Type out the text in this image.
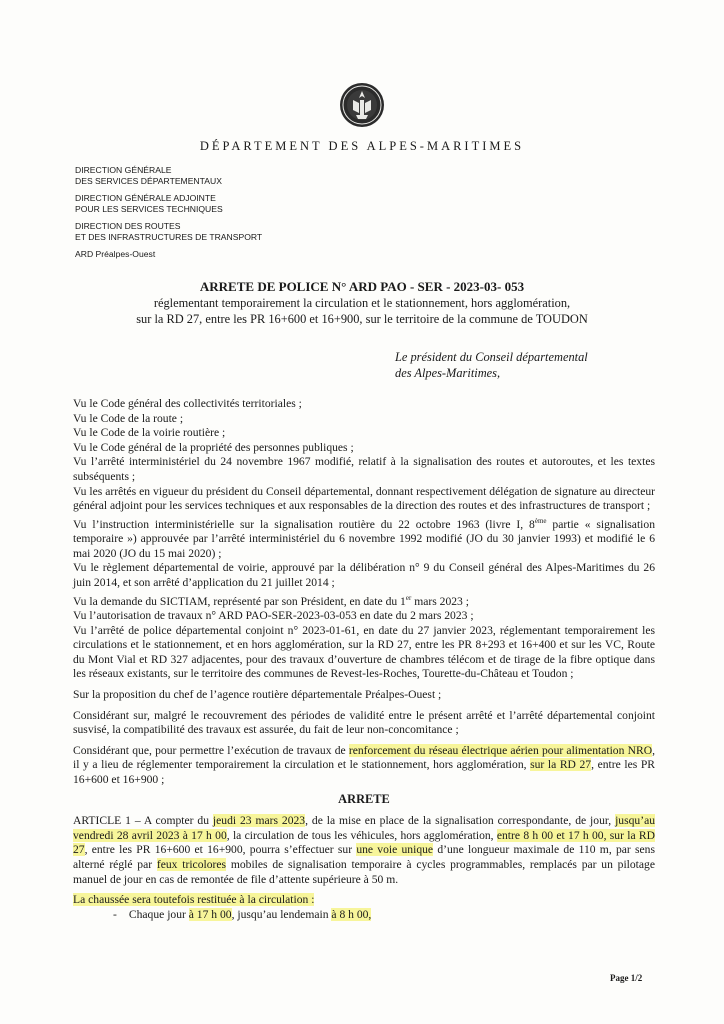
DÉPARTEMENT DES ALPES-MARITIMES
DIRECTION GÉNÉRALE
DES SERVICES DÉPARTEMENTAUX
DIRECTION GÉNÉRALE ADJOINTE
POUR LES SERVICES TECHNIQUES
DIRECTION DES ROUTES
ET DES INFRASTRUCTURES DE TRANSPORT
ARD Préalpes-Ouest
ARRETE DE POLICE N° ARD PAO - SER - 2023-03- 053
réglementant temporairement la circulation et le stationnement, hors agglomération,
sur la RD 27, entre les PR 16+600 et 16+900, sur le territoire de la commune de TOUDON
Le président du Conseil départemental
des Alpes-Maritimes,

Vu le Code général des collectivités territoriales ;

Vu le Code de la route ;

Vu le Code de la voirie routière ;

Vu le Code général de la propriété des personnes publiques ;

Vu l’arrêté interministériel du 24 novembre 1967 modifié, relatif à la signalisation des routes et autoroutes, et les textes subséquents ;

Vu les arrêtés en vigueur du président du Conseil départemental, donnant respectivement délégation de signature au directeur général adjoint pour les services techniques et aux responsables de la direction des routes et des infrastructures de transport ;

Vu l’instruction interministérielle sur la signalisation routière du 22 octobre 1963 (livre I, 8ème partie « signalisation temporaire ») approuvée par l’arrêté interministériel du 6 novembre 1992 modifié (JO du 30 janvier 1993) et modifié le 6 mai 2020 (JO du 15 mai 2020) ;

Vu le règlement départemental de voirie, approuvé par la délibération n° 9 du Conseil général des Alpes-Maritimes du 26 juin 2014, et son arrêté d’application du 21 juillet 2014 ;

Vu la demande du SICTIAM, représenté par son Président, en date du 1er mars 2023 ;

Vu l’autorisation de travaux n° ARD PAO-SER-2023-03-053 en date du 2 mars 2023 ;

Vu l’arrêté de police départemental conjoint n° 2023-01-61, en date du 27 janvier 2023, réglementant temporairement les circulations et le stationnement, et en hors agglomération, sur la RD 27, entre les PR 8+293 et 16+400 et sur les VC, Route du Mont Vial et RD 327 adjacentes, pour des travaux d’ouverture de chambres télécom et de tirage de la fibre optique dans les réseaux existants, sur le territoire des communes de Revest-les-Roches, Tourette-du-Château et Toudon ;

Sur la proposition du chef de l’agence routière départementale Préalpes-Ouest ;

Considérant sur, malgré le recouvrement des périodes de validité entre le présent arrêté et l’arrêté départemental conjoint susvisé, la compatibilité des travaux est assurée, du fait de leur non-concomitance ;

Considérant que, pour permettre l’exécution de travaux de renforcement du réseau électrique aérien pour alimentation NRO, il y a lieu de réglementer temporairement la circulation et le stationnement, hors agglomération, sur la RD 27, entre les PR 16+600 et 16+900 ;

ARRETE

ARTICLE 1 – A compter du jeudi 23 mars 2023, de la mise en place de la signalisation correspondante, de jour, jusqu’au vendredi 28 avril 2023 à 17 h 00, la circulation de tous les véhicules, hors agglomération, entre 8 h 00 et 17 h 00, sur la RD 27, entre les PR 16+600 et 16+900, pourra s’effectuer sur une voie unique d’une longueur maximale de 110 m, par sens alterné réglé par feux tricolores mobiles de signalisation temporaire à cycles programmables, remplacés par un pilotage manuel de jour en cas de remontée de file d’attente supérieure à 50 m.

La chaussée sera toutefois restituée à la circulation :

- Chaque jour à 17 h 00, jusqu’au lendemain à 8 h 00,

Page 1/2
